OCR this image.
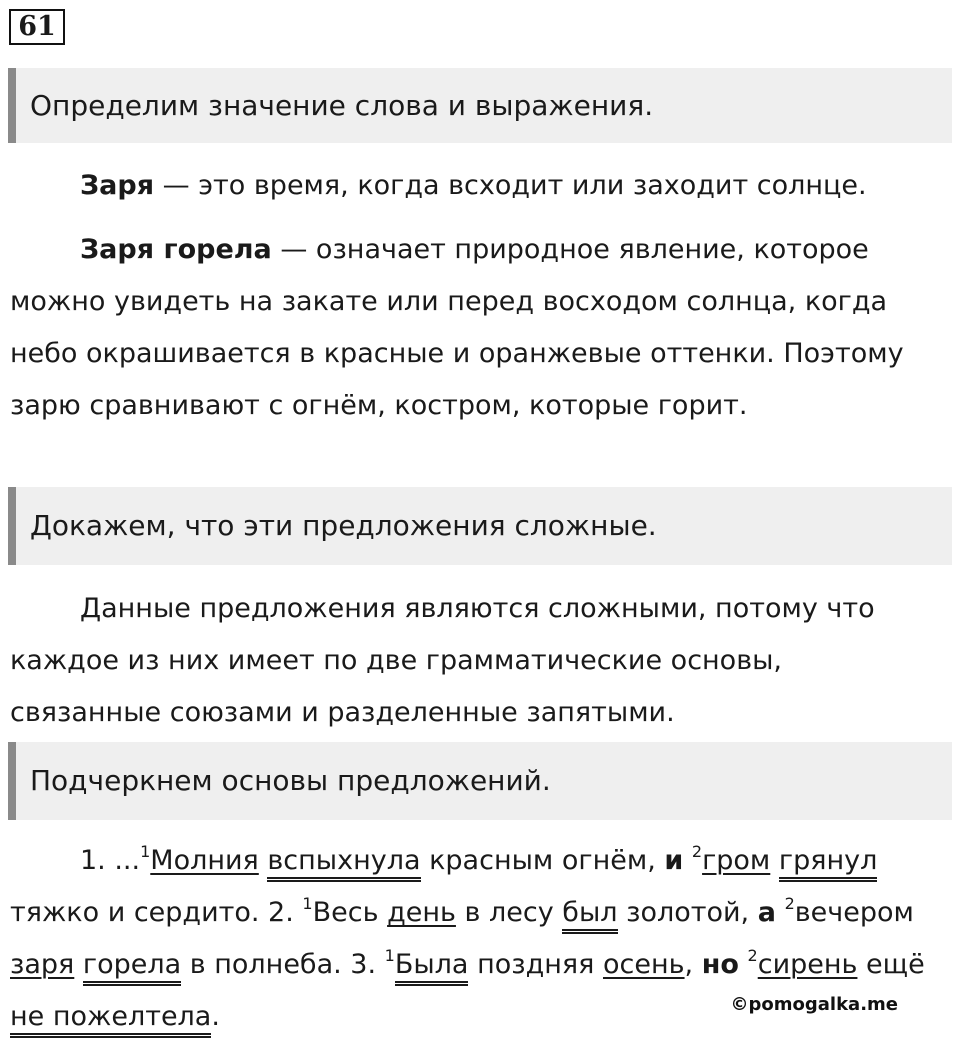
61
Определим значение слова и выражения.

Заря — это время, когда всходит или заходит солнце.

Заря горела — означает природное явление, которое можно увидеть на закате или перед восходом солнца, когда небо окрашивается в красные и оранжевые оттенки. Поэтому зарю сравнивают с огнём, костром, которые горит.

Докажем, что эти предложения сложные.

Данные предложения являются сложными, потому что каждое из них имеет по две грамматические основы, связанные союзами и разделенные запятыми.

Подчеркнем основы предложений.

1. ...$^1$Молния вспыхнула красным огнём, и $^2$гром грянул тяжко и сердито. 2. $^1$Весь день в лесу был золотой, а $^2$вечером заря горела в полнеба. 3. $^1$Была поздняя осень, но $^2$сирень ещё не пожелтела.	©pomogalka.me
